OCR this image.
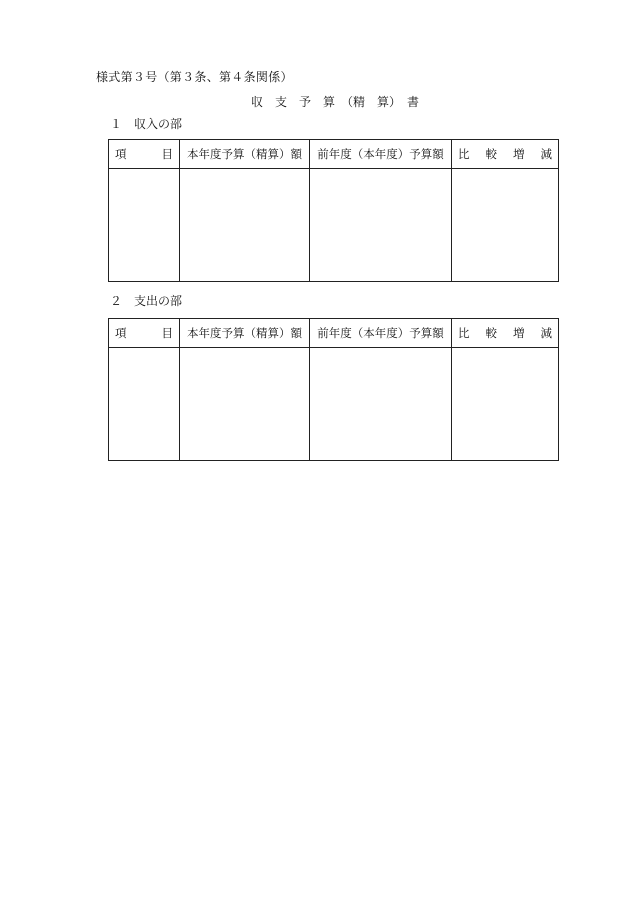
様式第３号（第３条、第４条関係）
収　支　予　算　（精　算）　書
１　収入の部
項 目	本年度予算（精算）額	前年度（本年度）予算額	比 較 増 減

２　支出の部
項 目	本年度予算（精算）額	前年度（本年度）予算額	比 較 増 減
